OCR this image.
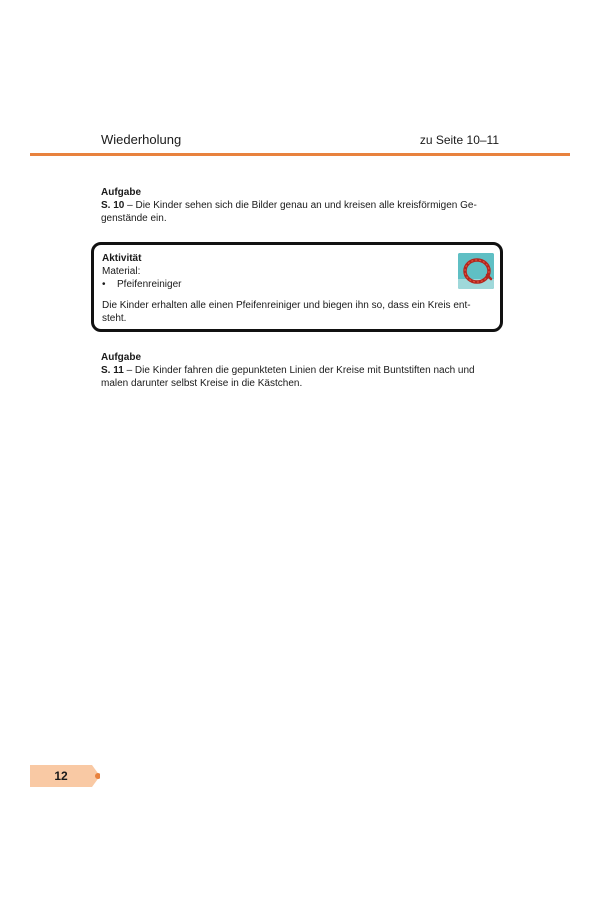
Wiederholung	zu Seite 10–11
Aufgabe
S. 10 – Die Kinder sehen sich die Bilder genau an und kreisen alle kreisförmigen Ge-
genstände ein.
Aktivität
Material:
•	Pfeifenreiniger
Die Kinder erhalten alle einen Pfeifenreiniger und biegen ihn so, dass ein Kreis ent-
steht.
Aufgabe
S. 11 – Die Kinder fahren die gepunkteten Linien der Kreise mit Buntstiften nach und
malen darunter selbst Kreise in die Kästchen.
12
